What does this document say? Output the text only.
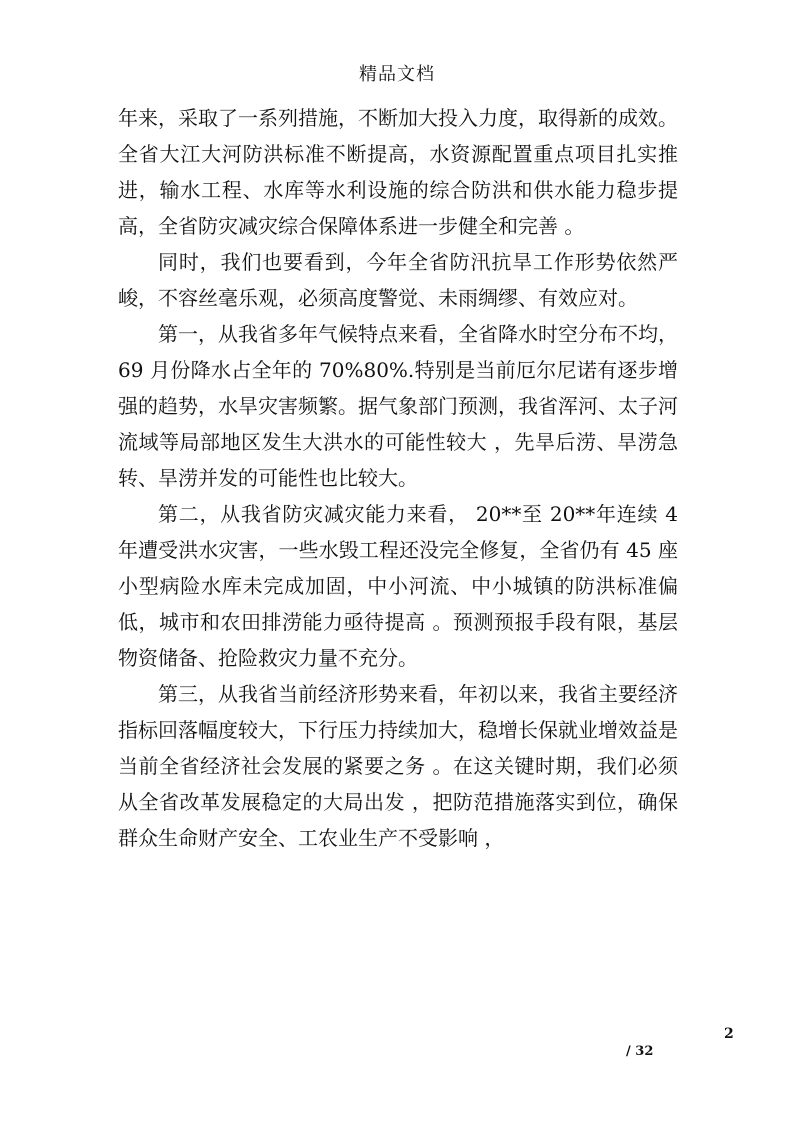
精品文档

年来，采取了一系列措施，不断加大投入力度，取得新的成效。全省大江大河防洪标准不断提高，水资源配置重点项目扎实推进，输水工程、水库等水利设施的综合防洪和供水能力稳步提高，全省防灾减灾综合保障体系进一步健全和完善 。

同时，我们也要看到，今年全省防汛抗旱工作形势依然严峻，不容丝毫乐观，必须高度警觉、未雨绸缪、有效应对。

第一，从我省多年气候特点来看，全省降水时空分布不均，69 月份降水占全年的 70%80%.特别是当前厄尔尼诺有逐步增强的趋势，水旱灾害频繁。据气象部门预测，我省浑河、太子河流域等局部地区发生大洪水的可能性较大 ，先旱后涝、旱涝急转、旱涝并发的可能性也比较大。

第二，从我省防灾减灾能力来看， 20**至 20**年连续 4 年遭受洪水灾害，一些水毁工程还没完全修复，全省仍有 45 座小型病险水库未完成加固，中小河流、中小城镇的防洪标准偏低，城市和农田排涝能力亟待提高 。预测预报手段有限，基层物资储备、抢险救灾力量不充分。

第三，从我省当前经济形势来看，年初以来，我省主要经济指标回落幅度较大，下行压力持续加大，稳增长保就业增效益是当前全省经济社会发展的紧要之务 。在这关键时期，我们必须从全省改革发展稳定的大局出发 ，把防范措施落实到位，确保群众生命财产安全、工农业生产不受影响 ，

2
/ 32
